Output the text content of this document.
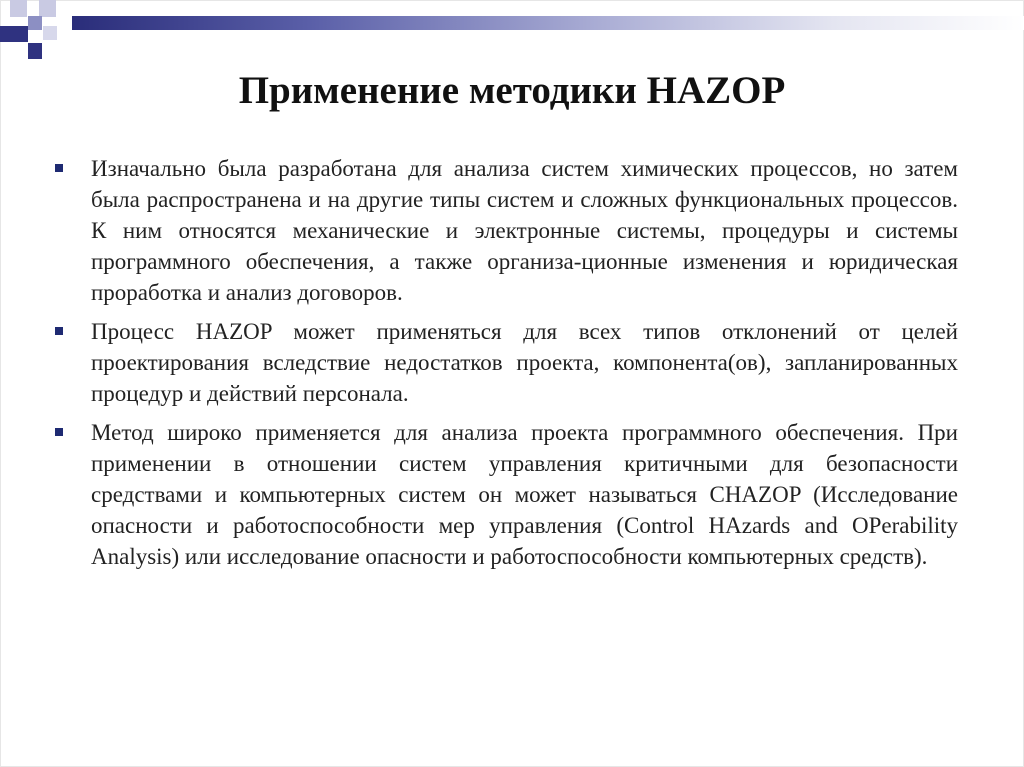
Применение методики HAZOP
Изначально была разработана для анализа систем химических процессов, но затем была распространена и на другие типы систем и сложных функциональных процессов. К ним относятся механические и электронные системы, процедуры и системы программного обеспечения, а также организа-ционные изменения и юридическая проработка и анализ договоров.
Процесс HAZOP может применяться для всех типов отклонений от целей проектирования вследствие недостатков проекта, компонента(ов), запланированных процедур и действий персонала.
Метод широко применяется для анализа проекта программного обеспечения. При применении в отношении систем управления критичными для безопасности средствами и компьютерных систем он может называться CHAZOP (Исследование опасности и работоспособности мер управления (Control HAzards and OPerability Analysis) или исследование опасности и работоспособности компьютерных средств).
